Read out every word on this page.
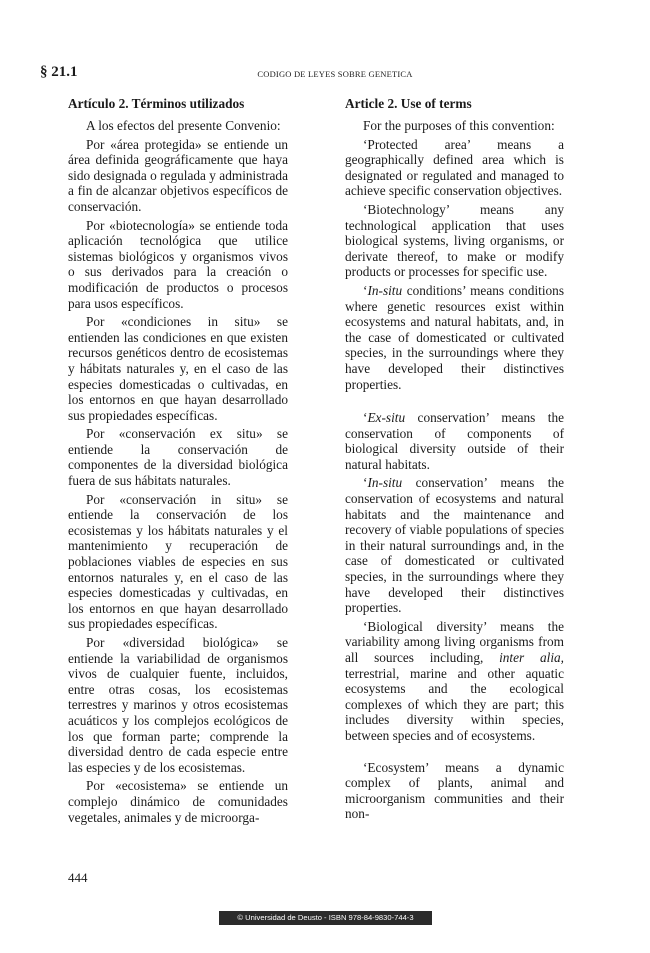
§ 21.1	CODIGO DE LEYES SOBRE GENETICA
Artículo 2. Términos utilizados

A los efectos del presente Convenio:

Por «área protegida» se entiende un área definida geográficamente que haya sido designada o regulada y administrada a fin de alcanzar objetivos específicos de conservación.

Por «biotecnología» se entiende toda aplicación tecnológica que utilice sistemas biológicos y organismos vivos o sus derivados para la creación o modificación de productos o procesos para usos específicos.

Por «condiciones in situ» se entienden las condiciones en que existen recursos genéticos dentro de ecosistemas y hábitats naturales y, en el caso de las especies domesticadas o cultivadas, en los entornos en que hayan desarrollado sus propiedades específicas.

Por «conservación ex situ» se entiende la conservación de componentes de la diversidad biológica fuera de sus hábitats naturales.

Por «conservación in situ» se entiende la conservación de los ecosistemas y los hábitats naturales y el mantenimiento y recuperación de poblaciones viables de especies en sus entornos naturales y, en el caso de las especies domesticadas y cultivadas, en los entornos en que hayan desarrollado sus propiedades específicas.

Por «diversidad biológica» se entiende la variabilidad de organismos vivos de cualquier fuente, incluidos, entre otras cosas, los ecosistemas terrestres y marinos y otros ecosistemas acuáticos y los complejos ecológicos de los que forman parte; comprende la diversidad dentro de cada especie entre las especies y de los ecosistemas.

Por «ecosistema» se entiende un complejo dinámico de comunidades vegetales, animales y de microorga-

Article 2. Use of terms

For the purposes of this convention:

‘Protected area’ means a geographically defined area which is designated or regulated and managed to achieve specific conservation objectives.

‘Biotechnology’ means any technological application that uses biological systems, living organisms, or derivate thereof, to make or modify products or processes for specific use.

‘In-situ conditions’ means conditions where genetic resources exist within ecosystems and natural habitats, and, in the case of domesticated or cultivated species, in the surroundings where they have developed their distinctives properties.

‘Ex-situ conservation’ means the conservation of components of biological diversity outside of their natural habitats.

‘In-situ conservation’ means the conservation of ecosystems and natural habitats and the maintenance and recovery of viable populations of species in their natural surroundings and, in the case of domesticated or cultivated species, in the surroundings where they have developed their distinctives properties.

‘Biological diversity’ means the variability among living organisms from all sources including, inter alia, terrestrial, marine and other aquatic ecosystems and the ecological complexes of which they are part; this includes diversity within species, between species and of ecosystems.

‘Ecosystem’ means a dynamic complex of plants, animal and microorganism communities and their non-

444
© Universidad de Deusto - ISBN 978-84-9830-744-3
